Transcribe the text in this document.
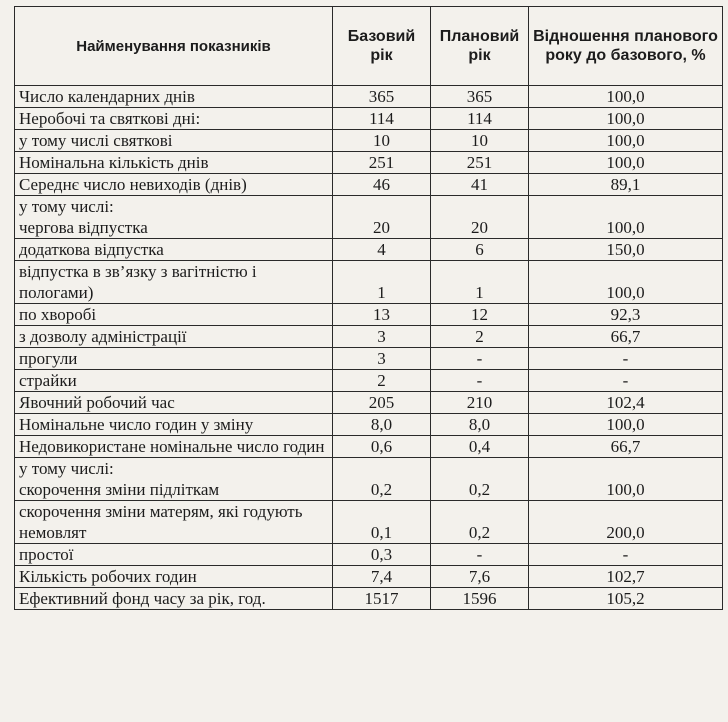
Найменування показників	Базовий рік	Плановий рік	Відношення планового року до базового, %

Число календарних днів	365	365	100,0

Неробочі та святкові дні:	114	114	100,0

у тому числі святкові	10	10	100,0

Номінальна кількість днів	251	251	100,0

Середнє число невиходів (днів)	46	41	89,1

у тому числі:
чергова відпустка	20	20	100,0

додаткова відпустка	4	6	150,0

відпустка в зв’язку з вагітністю і пологами)	1	1	100,0

по хворобі	13	12	92,3

з дозволу адміністрації	3	2	66,7

прогули	3	-	-

страйки	2	-	-

Явочний робочий час	205	210	102,4

Номінальне число годин у зміну	8,0	8,0	100,0

Недовикористане номінальне число годин	0,6	0,4	66,7

у тому числі:
скорочення зміни підліткам	0,2	0,2	100,0

скорочення зміни матерям, які годують немовлят	0,1	0,2	200,0

простої	0,3	-	-

Кількість робочих годин	7,4	7,6	102,7

Ефективний фонд часу за рік, год.	1517	1596	105,2
